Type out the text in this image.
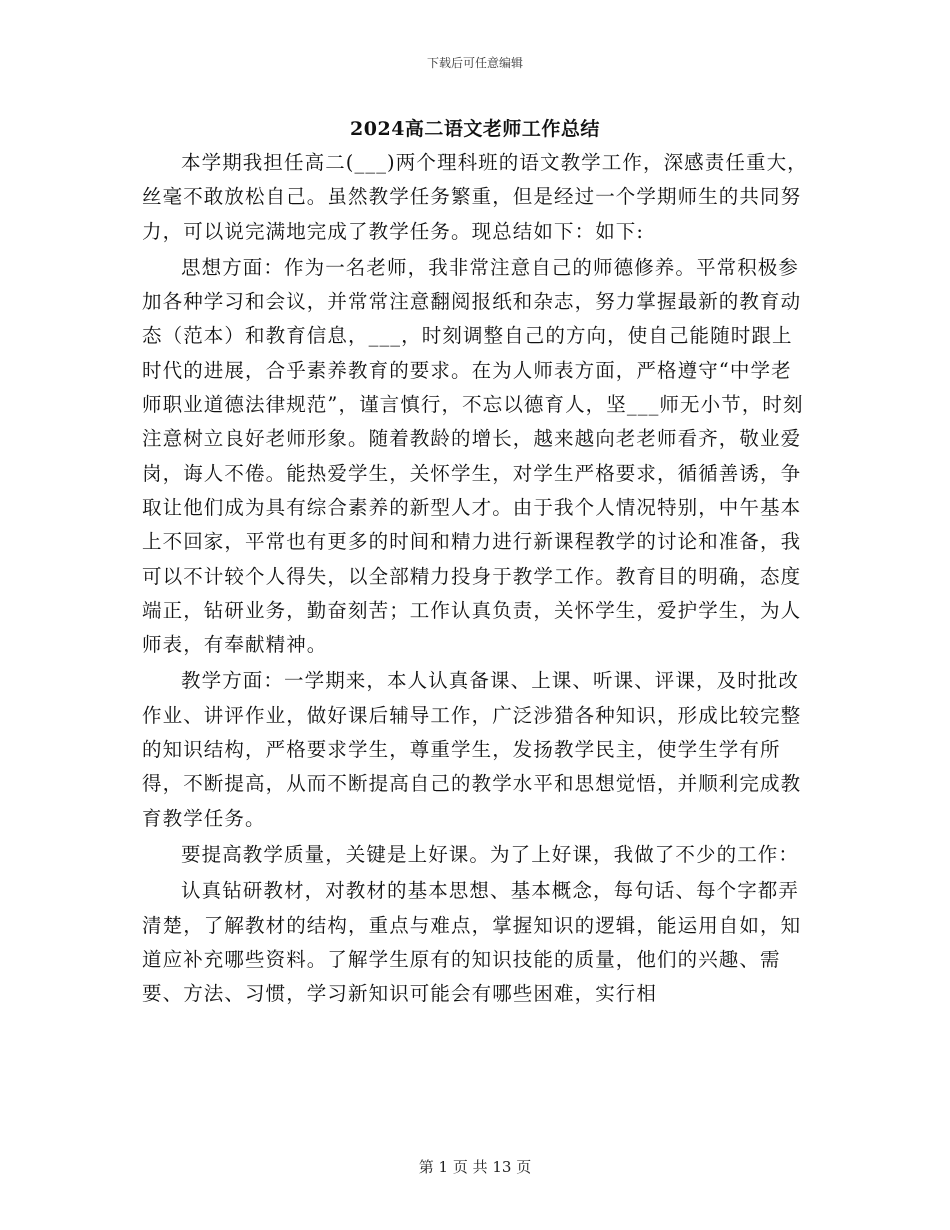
下载后可任意编辑
2024高二语文老师工作总结

本学期我担任高二(___)两个理科班的语文教学工作，深感责任重大，丝毫不敢放松自己。虽然教学任务繁重，但是经过一个学期师生的共同努力，可以说完满地完成了教学任务。现总结如下：如下:

思想方面：作为一名老师，我非常注意自己的师德修养。平常积极参加各种学习和会议，并常常注意翻阅报纸和杂志，努力掌握最新的教育动态（范本）和教育信息，___，时刻调整自己的方向，使自己能随时跟上时代的进展，合乎素养教育的要求。在为人师表方面，严格遵守“中学老师职业道德法律规范”，谨言慎行，不忘以德育人，坚___师无小节，时刻注意树立良好老师形象。随着教龄的增长，越来越向老老师看齐，敬业爱岗，诲人不倦。能热爱学生，关怀学生，对学生严格要求，循循善诱，争取让他们成为具有综合素养的新型人才。由于我个人情况特别，中午基本上不回家，平常也有更多的时间和精力进行新课程教学的讨论和准备，我可以不计较个人得失，以全部精力投身于教学工作。教育目的明确，态度端正，钻研业务，勤奋刻苦；工作认真负责，关怀学生，爱护学生，为人师表，有奉献精神。

教学方面：一学期来，本人认真备课、上课、听课、评课，及时批改作业、讲评作业，做好课后辅导工作，广泛涉猎各种知识，形成比较完整的知识结构，严格要求学生，尊重学生，发扬教学民主，使学生学有所得，不断提高，从而不断提高自己的教学水平和思想觉悟，并顺利完成教育教学任务。

要提高教学质量，关键是上好课。为了上好课，我做了不少的工作：

认真钻研教材，对教材的基本思想、基本概念，每句话、每个字都弄清楚，了解教材的结构，重点与难点，掌握知识的逻辑，能运用自如，知道应补充哪些资料。了解学生原有的知识技能的质量，他们的兴趣、需要、方法、习惯，学习新知识可能会有哪些困难，实行相

第 1 页 共 13 页
